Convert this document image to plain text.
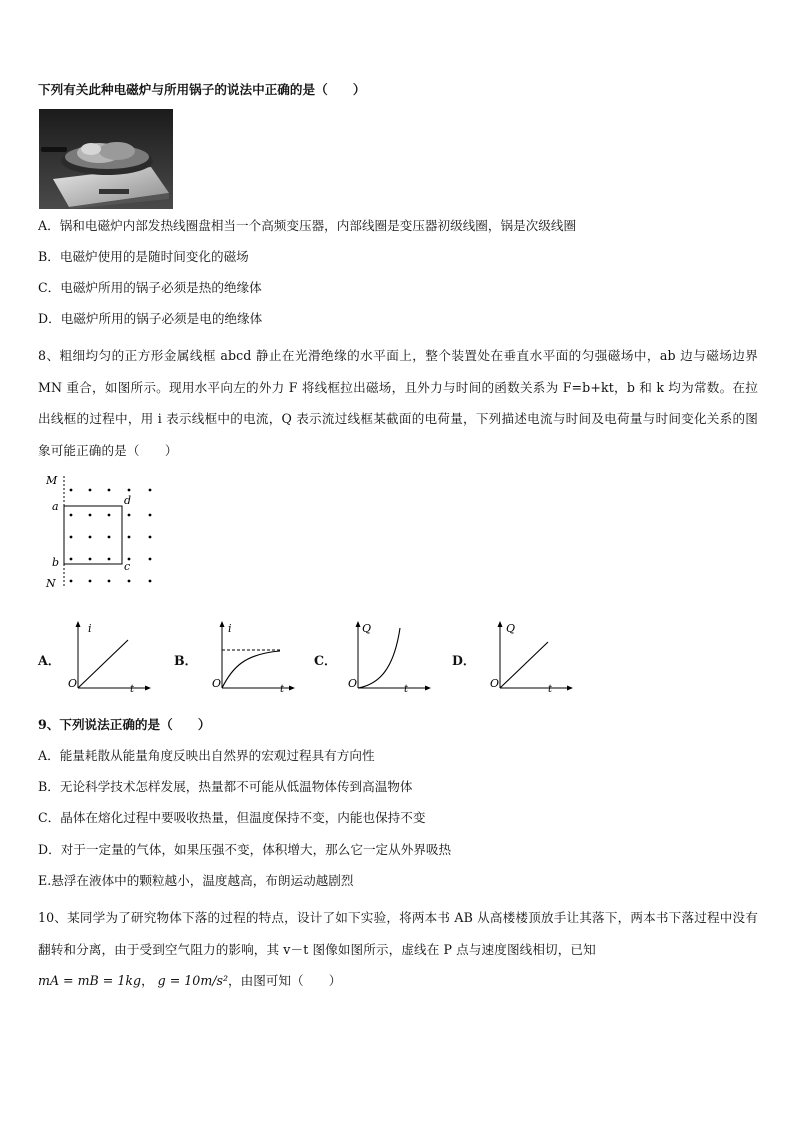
下列有关此种电磁炉与所用锅子的说法中正确的是（　　）
A．锅和电磁炉内部发热线圈盘相当一个高频变压器，内部线圈是变压器初级线圈，锅是次级线圈
B．电磁炉使用的是随时间变化的磁场
C．电磁炉所用的锅子必须是热的绝缘体
D．电磁炉所用的锅子必须是电的绝缘体
8、粗细均匀的正方形金属线框 abcd 静止在光滑绝缘的水平面上，整个装置处在垂直水平面的匀强磁场中，ab 边与磁场边界 MN 重合，如图所示。现用水平向左的外力 F 将线框拉出磁场，且外力与时间的函数关系为 F=b+kt，b 和 k 均为常数。在拉出线框的过程中，用 i 表示线框中的电流，Q 表示流过线框某截面的电荷量，下列描述电流与时间及电荷量与时间变化关系的图象可能正确的是（　　）
M
a	d
b	c
N
A．
i
t
O
B．
i
t
O
C．
Q
t
O
D．
Q
t
O
9、下列说法正确的是（　　）
A．能量耗散从能量角度反映出自然界的宏观过程具有方向性
B．无论科学技术怎样发展，热量都不可能从低温物体传到高温物体
C．晶体在熔化过程中要吸收热量，但温度保持不变，内能也保持不变
D．对于一定量的气体，如果压强不变，体积增大，那么它一定从外界吸热
E.悬浮在液体中的颗粒越小，温度越高，布朗运动越剧烈
10、某同学为了研究物体下落的过程的特点，设计了如下实验，将两本书 AB 从高楼楼顶放手让其落下，两本书下落过程中没有翻转和分离，由于受到空气阻力的影响，其 v－t 图像如图所示，虚线在 P 点与速度图线相切，已知
mA = mB = 1kg， g = 10m/s²，由图可知（　　）
